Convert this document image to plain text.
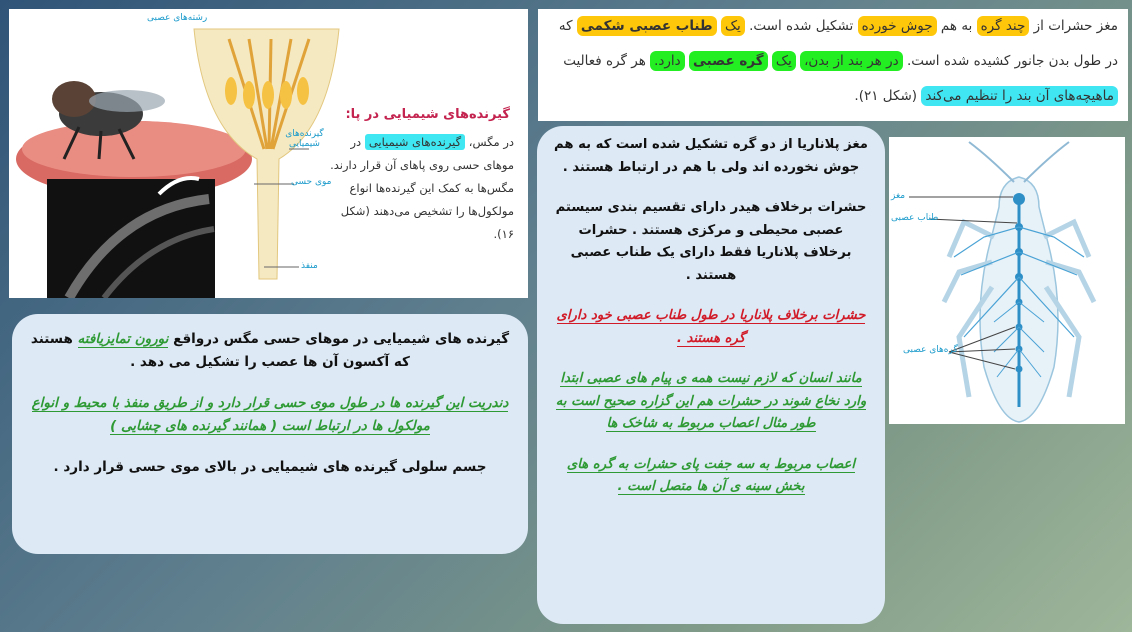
رشته‌های عصبی
گیرنده‌های شیمیایی
موی حسی
منفذ
گیرنده‌های شیمیایی در پا:
در مگس، گیرنده‌های شیمیایی در موهای حسی روی پاهای آن قرار دارند. مگس‌ها به کمک این گیرنده‌ها انواع مولکول‌ها را تشخیص می‌دهند (شکل ۱۶).
مغز حشرات از چند گره به هم جوش خورده تشکیل شده است. یک طناب عصبی شکمی که در طول بدن جانور کشیده شده است. در هر بند از بدن، یک گره عصبی دارد. هر گره فعالیت ماهیچه‌های آن بند را تنظیم می‌کند (شکل ۲۱).
گیرنده های شیمیایی در موهای حسی مگس درواقع نورون تمایزیافته هستند که آکسون آن ها عصب را تشکیل می دهد .
دندریت این گیرنده ها در طول موی حسی قرار دارد و از طریق منفذ با محیط و انواع مولکول ها در ارتباط است ( همانند گیرنده های چشایی )
جسم سلولی گیرنده های شیمیایی در بالای موی حسی قرار دارد .
مغز پلاناریا از دو گره تشکیل شده است که به هم جوش نخورده اند ولی با هم در ارتباط هستند .
حشرات برخلاف هیدر دارای تقسیم بندی سیستم عصبی محیطی و مرکزی هستند . حشرات برخلاف پلاناریا فقط دارای یک طناب عصبی هستند .
حشرات برخلاف پلاناریا در طول طناب عصبی خود دارای گره هستند .
مانند انسان که لازم نیست همه ی پیام های عصبی ابتدا وارد نخاع شوند در حشرات هم این گزاره صحیح است به طور مثال اعصاب مربوط به شاخک ها
اعصاب مربوط به سه جفت پای حشرات به گره های بخش سینه ی آن ها متصل است .
مغز
طناب عصبی
گره‌های عصبی
